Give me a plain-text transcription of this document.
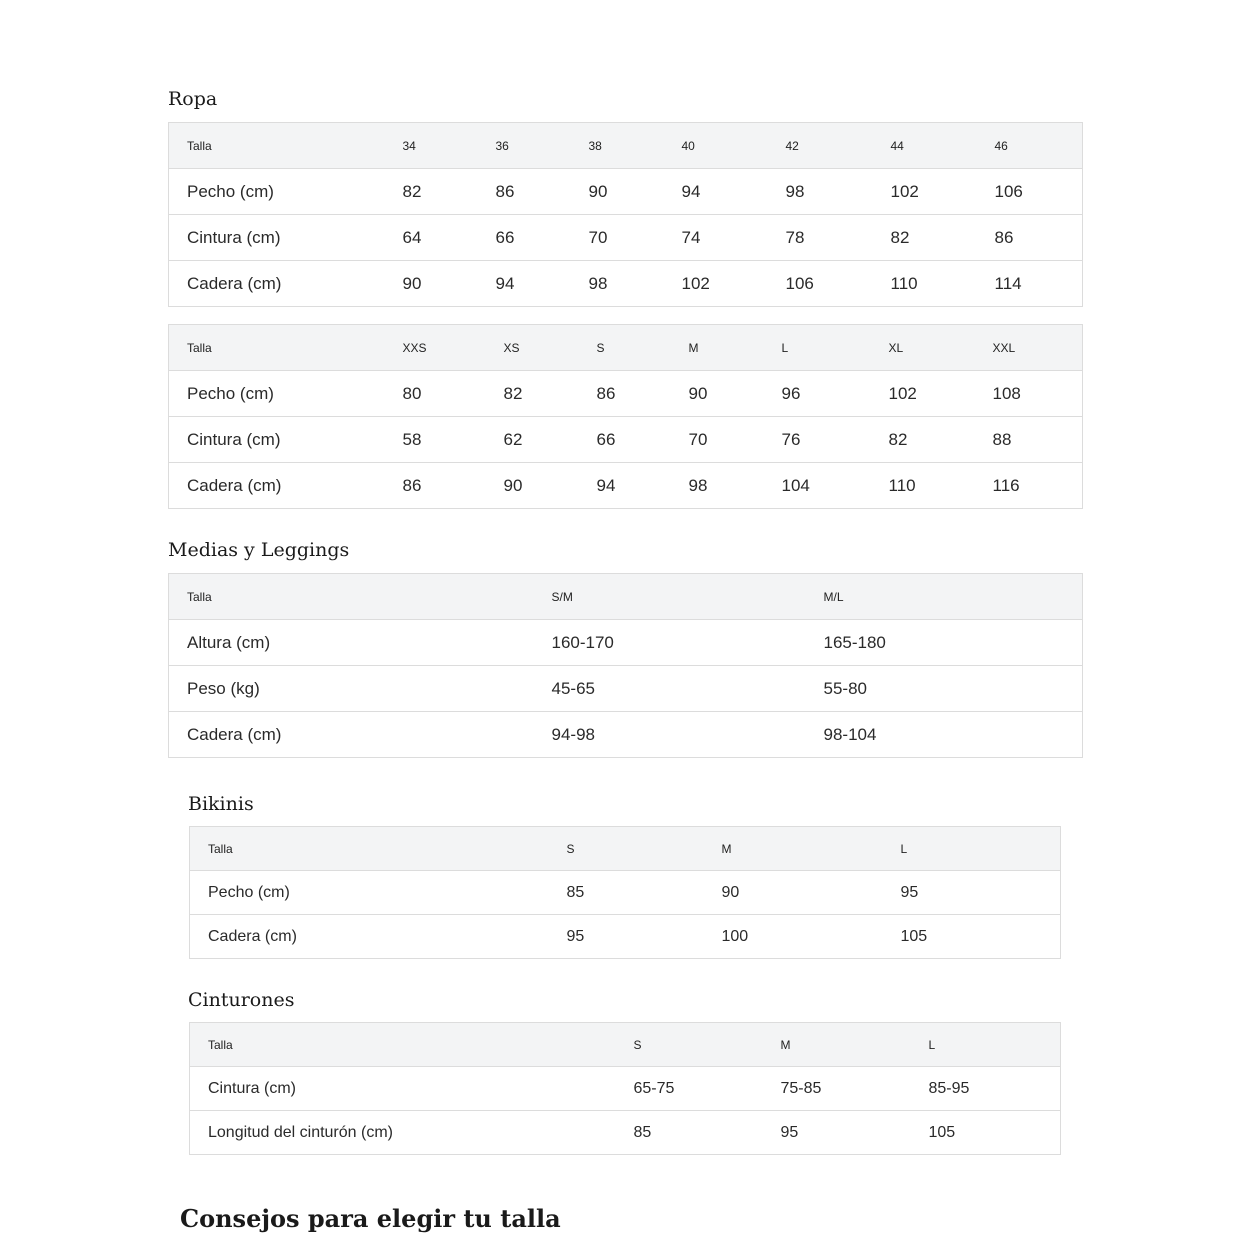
Ropa
Talla	34	36	38	40	42	44	46
Pecho (cm)	82	86	90	94	98	102	106
Cintura (cm)	64	66	70	74	78	82	86
Cadera (cm)	90	94	98	102	106	110	114
Talla	XXS	XS	S	M	L	XL	XXL
Pecho (cm)	80	82	86	90	96	102	108
Cintura (cm)	58	62	66	70	76	82	88
Cadera (cm)	86	90	94	98	104	110	116
Medias y Leggings
Talla	S/M	M/L
Altura (cm)	160-170	165-180
Peso (kg)	45-65	55-80
Cadera (cm)	94-98	98-104
Bikinis
Talla	S	M	L
Pecho (cm)	85	90	95
Cadera (cm)	95	100	105
Cinturones
Talla	S	M	L
Cintura (cm)	65-75	75-85	85-95
Longitud del cinturón (cm)	85	95	105
Consejos para elegir tu talla
